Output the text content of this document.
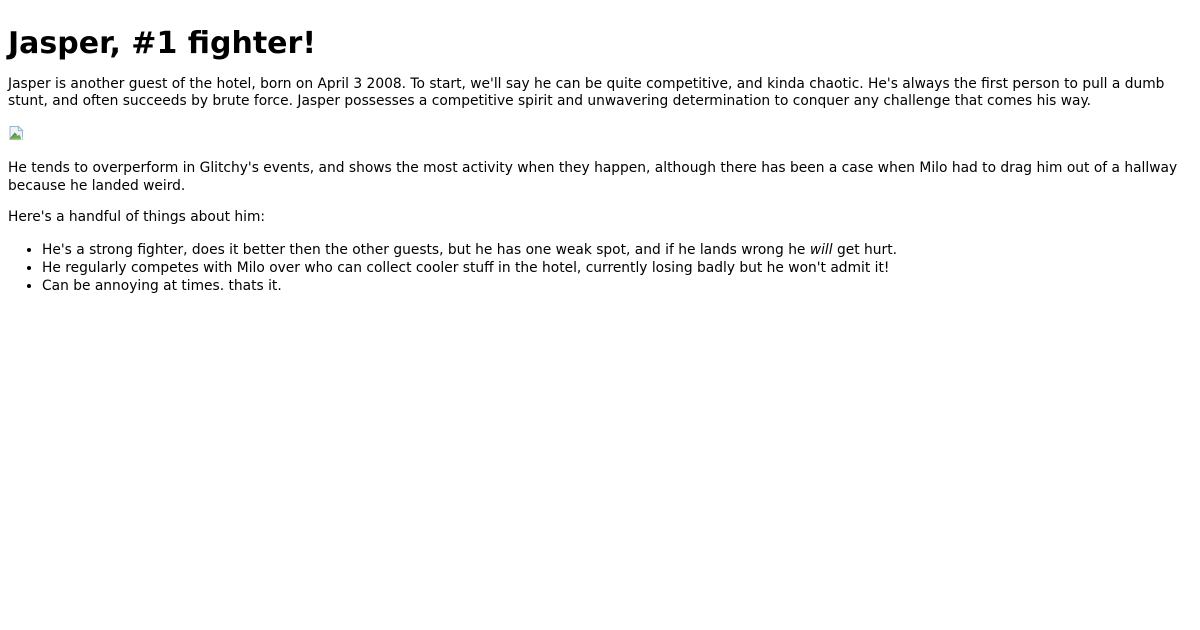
Jasper, #1 fighter!

Jasper is another guest of the hotel, born on April 3 2008. To start, we'll say he can be quite competitive, and kinda chaotic. He's always the first person to pull a dumb stunt, and often succeeds by brute force. Jasper possesses a competitive spirit and unwavering determination to conquer any challenge that comes his way.

He tends to overperform in Glitchy's events, and shows the most activity when they happen, although there has been a case when Milo had to drag him out of a hallway because he landed weird.

Here's a handful of things about him:

• He's a strong fighter, does it better then the other guests, but he has one weak spot, and if he lands wrong he will get hurt.
• He regularly competes with Milo over who can collect cooler stuff in the hotel, currently losing badly but he won't admit it!
• Can be annoying at times. thats it.
